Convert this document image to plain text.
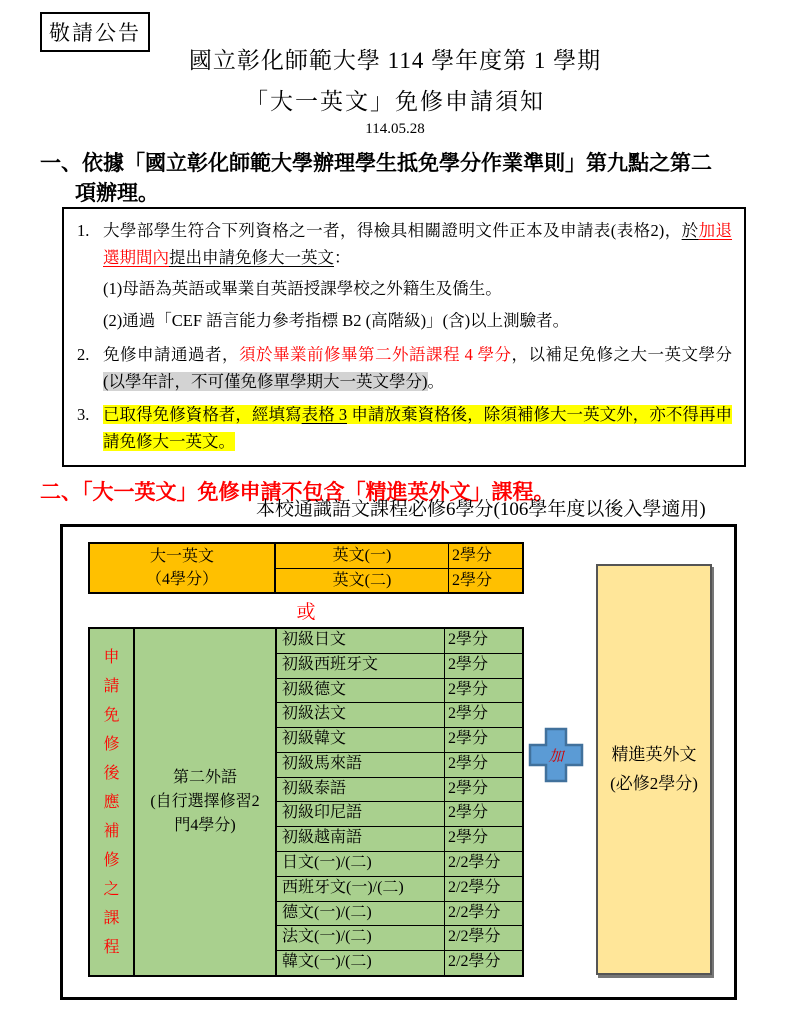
敬請公告
國立彰化師範大學 114 學年度第 1 學期
「大一英文」免修申請須知
114.05.28
一、依據「國立彰化師範大學辦理學生抵免學分作業準則」第九點之第二
項辦理。
1. 大學部學生符合下列資格之一者，得檢具相關證明文件正本及申請表(表格2)，於加退選期間內提出申請免修大一英文：
(1)母語為英語或畢業自英語授課學校之外籍生及僑生。
(2)通過「CEF 語言能力參考指標 B2 (高階級)」(含)以上測驗者。
2. 免修申請通過者，須於畢業前修畢第二外語課程 4 學分，以補足免修之大一英文學分(以學年計，不可僅免修單學期大一英文學分)。
3. 已取得免修資格者，經填寫表格 3 申請放棄資格後，除須補修大一英文外，亦不得再申請免修大一英文。
二、「大一英文」免修申請不包含「精進英外文」課程。
本校通識語文課程必修6學分(106學年度以後入學適用)
大一英文
（4學分）
英文(一)	2學分
英文(二)	2學分
或
申請免修後應補修之課程
第二外語
(自行選擇修習2
門4學分)
初級日文	2學分
初級西班牙文	2學分
初級德文	2學分
初級法文	2學分
初級韓文	2學分
初級馬來語	2學分
初級泰語	2學分
初級印尼語	2學分
初級越南語	2學分
日文(一)/(二)	2/2學分
西班牙文(一)/(二)	2/2學分
德文(一)/(二)	2/2學分
法文(一)/(二)	2/2學分
韓文(一)/(二)	2/2學分
加	精進英外文
(必修2學分)
